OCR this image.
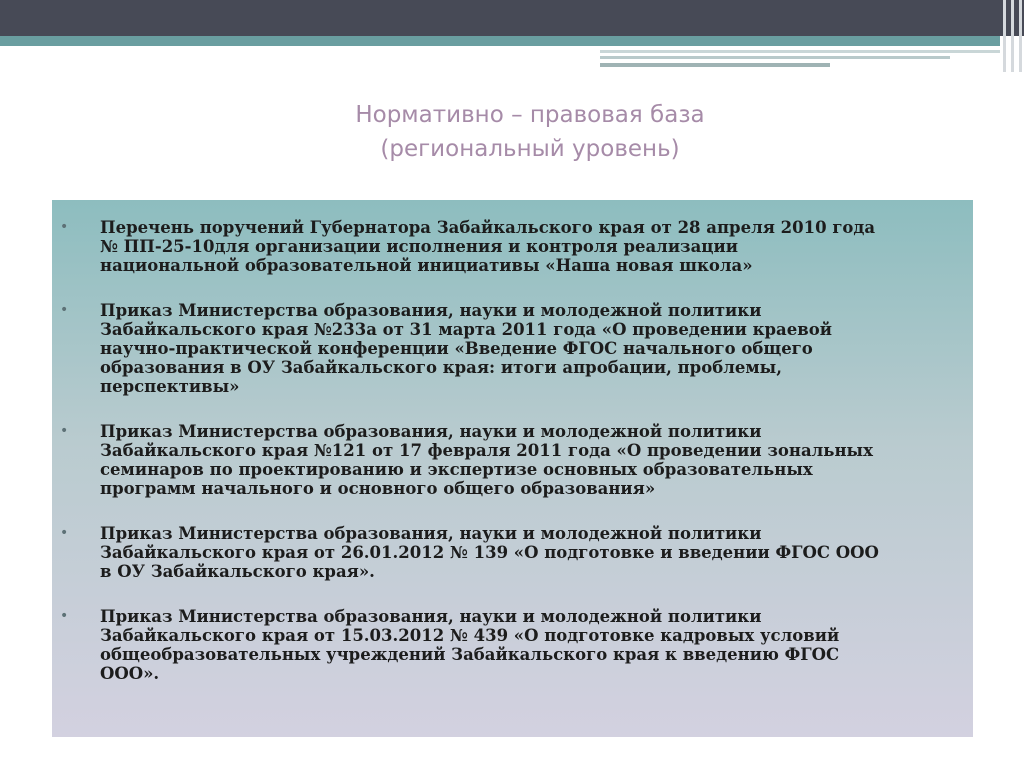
Нормативно – правовая база
(региональный уровень)
• Перечень поручений Губернатора Забайкальского края от 28 апреля 2010 года
№ ПП-25-10для организации исполнения и контроля реализации
национальной образовательной инициативы «Наша новая школа»
• Приказ Министерства образования, науки и молодежной политики
Забайкальского края №233а от 31 марта 2011 года «О проведении краевой
научно-практической конференции «Введение ФГОС начального общего
образования в ОУ Забайкальского края: итоги апробации, проблемы,
перспективы»
• Приказ Министерства образования, науки и молодежной политики
Забайкальского края №121 от 17 февраля 2011 года «О проведении зональных
семинаров по проектированию и экспертизе основных образовательных
программ начального и основного общего образования»
• Приказ Министерства образования, науки и молодежной политики
Забайкальского края от 26.01.2012 № 139 «О подготовке и введении ФГОС ООО
в ОУ Забайкальского края».
• Приказ Министерства образования, науки и молодежной политики
Забайкальского края от 15.03.2012 № 439 «О подготовке кадровых условий
общеобразовательных учреждений Забайкальского края к введению ФГОС
ООО».
